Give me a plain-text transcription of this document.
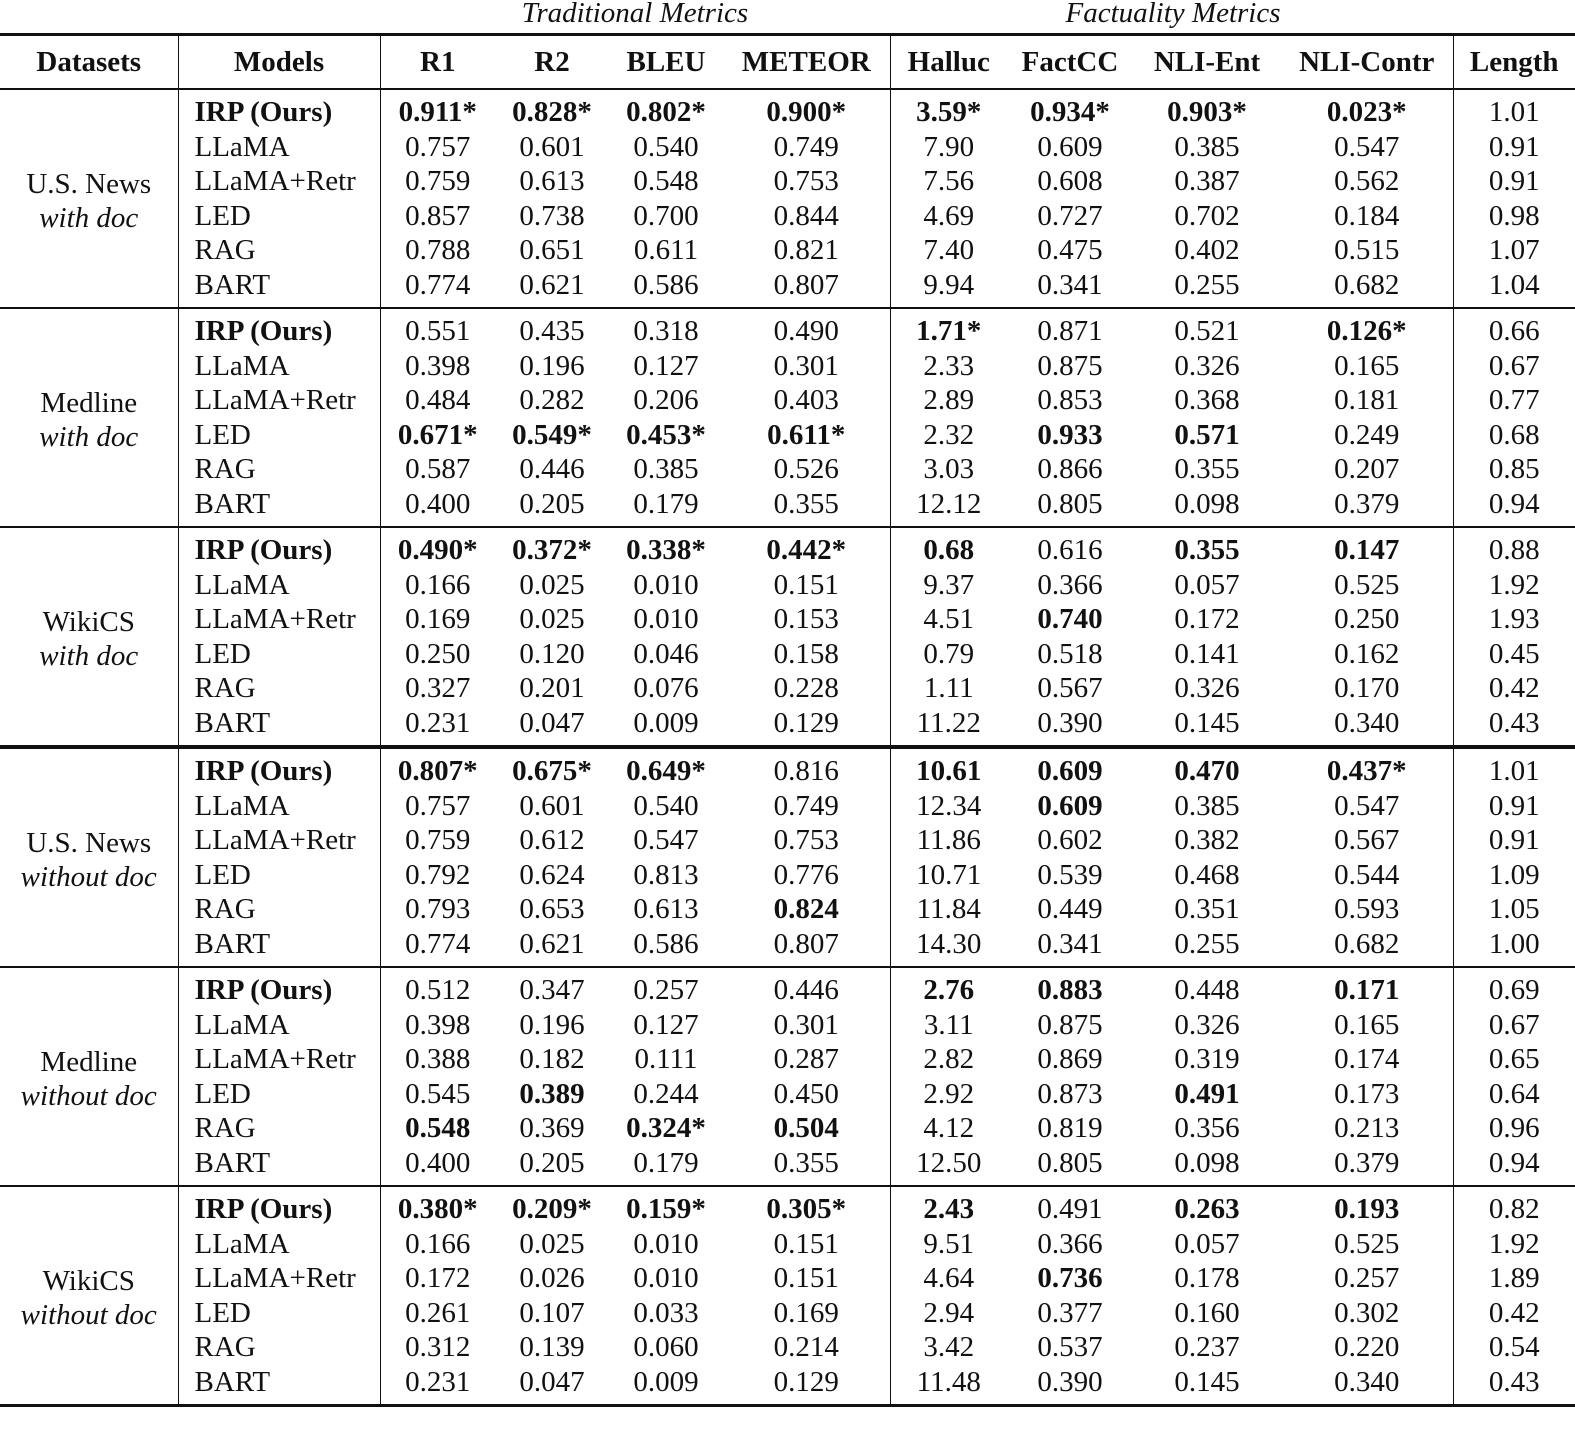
Traditional Metrics	Factuality Metrics
Datasets	Models	R1	R2	BLEU	METEOR	Halluc	FactCC	NLI-Ent	NLI-Contr	Length

U.S. News
with doc	IRP (Ours)	0.911*	0.828*	0.802*	0.900*	3.59*	0.934*	0.903*	0.023*	1.01
	LLaMA	0.757	0.601	0.540	0.749	7.90	0.609	0.385	0.547	0.91
	LLaMA+Retr	0.759	0.613	0.548	0.753	7.56	0.608	0.387	0.562	0.91
	LED	0.857	0.738	0.700	0.844	4.69	0.727	0.702	0.184	0.98
	RAG	0.788	0.651	0.611	0.821	7.40	0.475	0.402	0.515	1.07
	BART	0.774	0.621	0.586	0.807	9.94	0.341	0.255	0.682	1.04

Medline
with doc	IRP (Ours)	0.551	0.435	0.318	0.490	1.71*	0.871	0.521	0.126*	0.66
	LLaMA	0.398	0.196	0.127	0.301	2.33	0.875	0.326	0.165	0.67
	LLaMA+Retr	0.484	0.282	0.206	0.403	2.89	0.853	0.368	0.181	0.77
	LED	0.671*	0.549*	0.453*	0.611*	2.32	0.933	0.571	0.249	0.68
	RAG	0.587	0.446	0.385	0.526	3.03	0.866	0.355	0.207	0.85
	BART	0.400	0.205	0.179	0.355	12.12	0.805	0.098	0.379	0.94

WikiCS
with doc	IRP (Ours)	0.490*	0.372*	0.338*	0.442*	0.68	0.616	0.355	0.147	0.88
	LLaMA	0.166	0.025	0.010	0.151	9.37	0.366	0.057	0.525	1.92
	LLaMA+Retr	0.169	0.025	0.010	0.153	4.51	0.740	0.172	0.250	1.93
	LED	0.250	0.120	0.046	0.158	0.79	0.518	0.141	0.162	0.45
	RAG	0.327	0.201	0.076	0.228	1.11	0.567	0.326	0.170	0.42
	BART	0.231	0.047	0.009	0.129	11.22	0.390	0.145	0.340	0.43

U.S. News
without doc	IRP (Ours)	0.807*	0.675*	0.649*	0.816	10.61	0.609	0.470	0.437*	1.01
	LLaMA	0.757	0.601	0.540	0.749	12.34	0.609	0.385	0.547	0.91
	LLaMA+Retr	0.759	0.612	0.547	0.753	11.86	0.602	0.382	0.567	0.91
	LED	0.792	0.624	0.813	0.776	10.71	0.539	0.468	0.544	1.09
	RAG	0.793	0.653	0.613	0.824	11.84	0.449	0.351	0.593	1.05
	BART	0.774	0.621	0.586	0.807	14.30	0.341	0.255	0.682	1.00

Medline
without doc	IRP (Ours)	0.512	0.347	0.257	0.446	2.76	0.883	0.448	0.171	0.69
	LLaMA	0.398	0.196	0.127	0.301	3.11	0.875	0.326	0.165	0.67
	LLaMA+Retr	0.388	0.182	0.111	0.287	2.82	0.869	0.319	0.174	0.65
	LED	0.545	0.389	0.244	0.450	2.92	0.873	0.491	0.173	0.64
	RAG	0.548	0.369	0.324*	0.504	4.12	0.819	0.356	0.213	0.96
	BART	0.400	0.205	0.179	0.355	12.50	0.805	0.098	0.379	0.94

WikiCS
without doc	IRP (Ours)	0.380*	0.209*	0.159*	0.305*	2.43	0.491	0.263	0.193	0.82
	LLaMA	0.166	0.025	0.010	0.151	9.51	0.366	0.057	0.525	1.92
	LLaMA+Retr	0.172	0.026	0.010	0.151	4.64	0.736	0.178	0.257	1.89
	LED	0.261	0.107	0.033	0.169	2.94	0.377	0.160	0.302	0.42
	RAG	0.312	0.139	0.060	0.214	3.42	0.537	0.237	0.220	0.54
	BART	0.231	0.047	0.009	0.129	11.48	0.390	0.145	0.340	0.43
